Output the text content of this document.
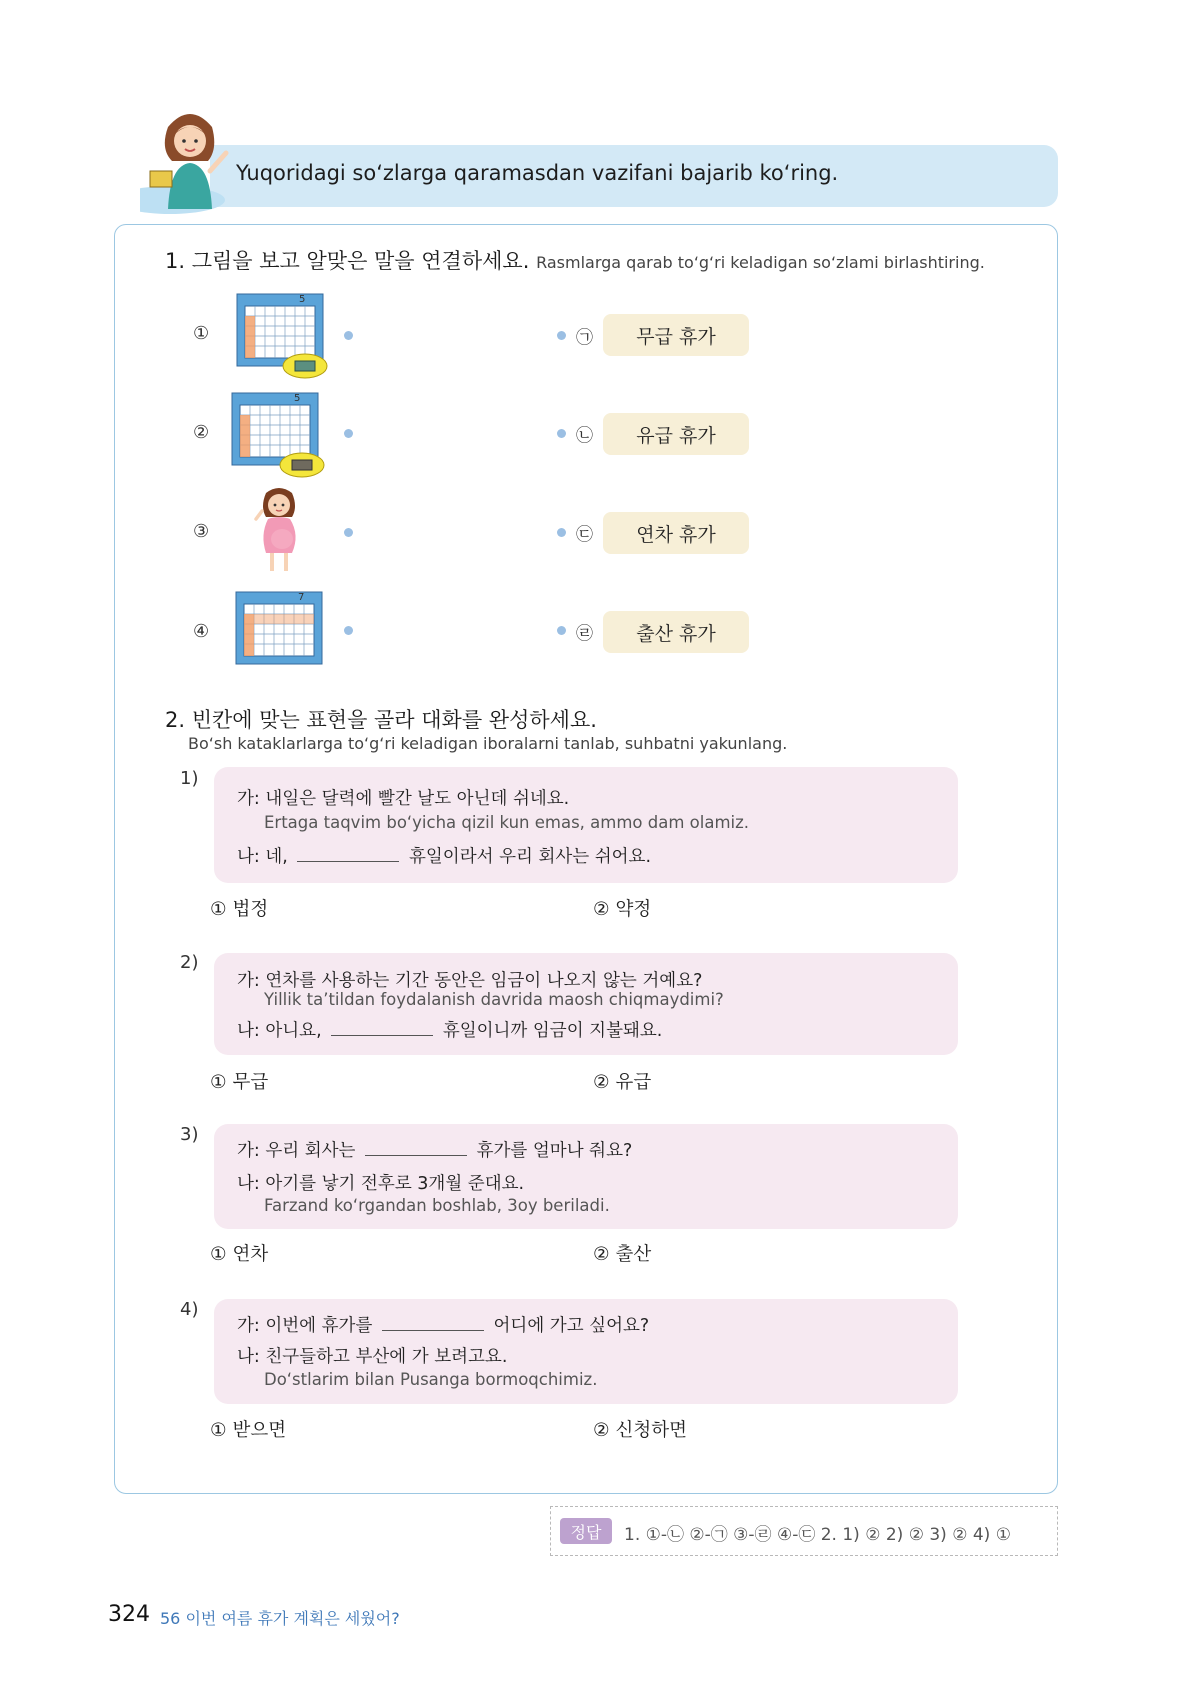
Yuqoridagi so‘zlarga qaramasdan vazifani bajarib ko‘ring.
1. 그림을 보고 알맞은 말을 연결하세요. Rasmlarga qarab to‘g‘ri keladigan so‘zlami birlashtiring.
①
5
㉠	무급 휴가
②
5
㉡	유급 휴가
③	㉢	연차 휴가
④
7
㉣	출산 휴가
2. 빈칸에 맞는 표현을 골라 대화를 완성하세요.
Bo‘sh kataklarlarga to‘g‘ri keladigan iboralarni tanlab, suhbatni yakunlang.
1)
가: 내일은 달력에 빨간 날도 아닌데 쉬네요.
Ertaga taqvim bo‘yicha qizil kun emas, ammo dam olamiz.
나: 네,	휴일이라서 우리 회사는 쉬어요.
① 법정	② 약정
2)
가: 연차를 사용하는 기간 동안은 임금이 나오지 않는 거예요?
Yillik ta’tildan foydalanish davrida maosh chiqmaydimi?
나: 아니요,	휴일이니까 임금이 지불돼요.
① 무급	② 유급
3)
가: 우리 회사는	휴가를 얼마나 줘요?
나: 아기를 낳기 전후로 3개월 준대요.
Farzand ko‘rgandan boshlab, 3oy beriladi.
① 연차	② 출산
4)
가: 이번에 휴가를	어디에 가고 싶어요?
나: 친구들하고 부산에 가 보려고요.
Do‘stlarim bilan Pusanga bormoqchimiz.
① 받으면	② 신청하면
정답	1. ①-㉡ ②-㉠ ③-㉣ ④-㉢ 2. 1) ② 2) ② 3) ② 4) ①
324 56 이번 여름 휴가 계획은 세웠어?
